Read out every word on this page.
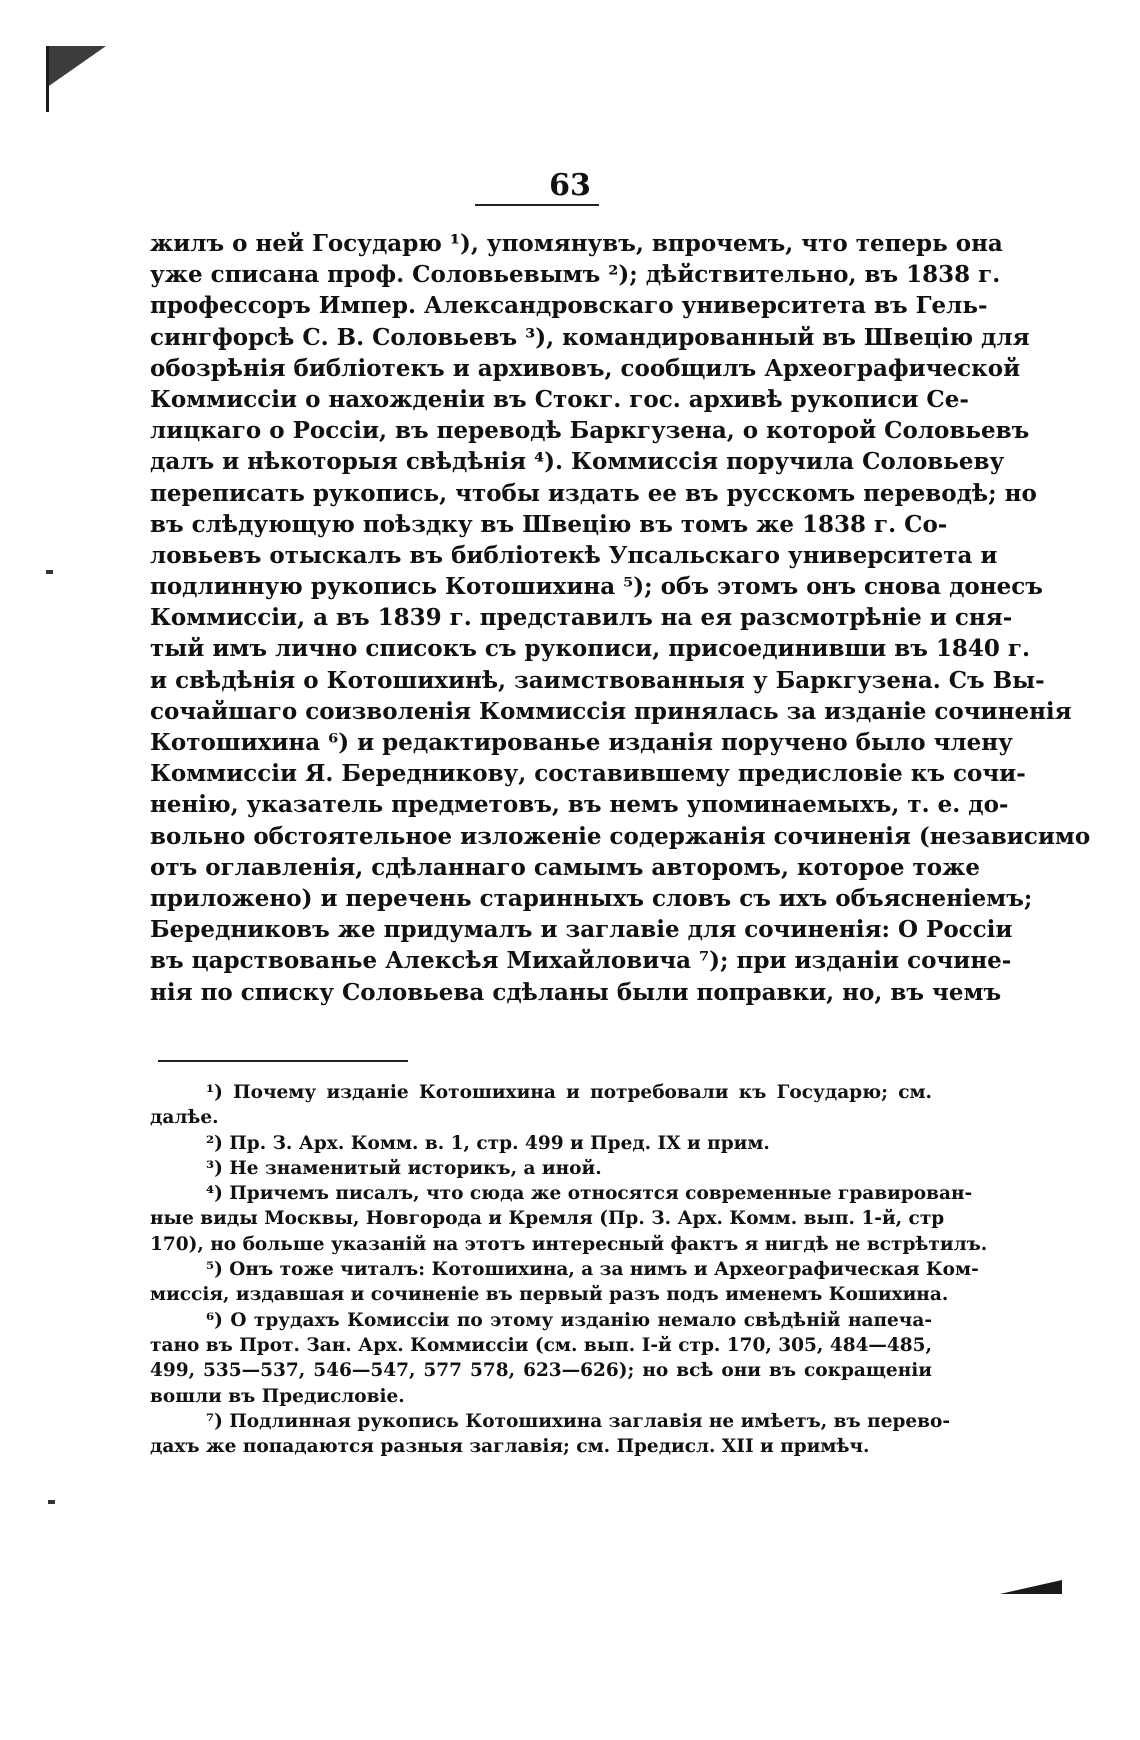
63
жилъ о ней Государю ¹), упомянувъ, впрочемъ, что теперь она
уже списана проф. Соловьевымъ ²); дѣйствительно, въ 1838 г.
профессоръ Импер. Александровскаго университета въ Гель-
сингфорсѣ С. В. Соловьевъ ³), командированный въ Швецію для
обозрѣнія библіотекъ и архивовъ, сообщилъ Археографической
Коммиссіи о нахожденіи въ Стокг. гос. архивѣ рукописи Се-
лицкаго о Россіи, въ переводѣ Баркгузена, о которой Соловьевъ
далъ и нѣкоторыя свѣдѣнія ⁴). Коммиссія поручила Соловьеву
переписать рукопись, чтобы издать ее въ русскомъ переводѣ; но
въ слѣдующую поѣздку въ Швецію въ томъ же 1838 г. Со-
ловьевъ отыскалъ въ библіотекѣ Упсальскаго университета и
подлинную рукопись Котошихина ⁵); объ этомъ онъ снова донесъ
Коммиссіи, а въ 1839 г. представилъ на ея разсмотрѣніе и сня-
тый имъ лично списокъ съ рукописи, присоединивши въ 1840 г.
и свѣдѣнія о Котошихинѣ, заимствованныя у Баркгузена. Съ Вы-
сочайшаго соизволенія Коммиссія принялась за изданіе сочиненія
Котошихина ⁶) и редактированье изданія поручено было члену
Коммиссіи Я. Бередникову, составившему предисловіе къ сочи-
ненію, указатель предметовъ, въ немъ упоминаемыхъ, т. е. до-
вольно обстоятельное изложеніе содержанія сочиненія (независимо
отъ оглавленія, сдѣланнаго самымъ авторомъ, которое тоже
приложено) и перечень старинныхъ словъ съ ихъ объясненіемъ;
Бередниковъ же придумалъ и заглавіе для сочиненія: О Россіи
въ царствованье Алексѣя Михайловича ⁷); при изданіи сочине-
нія по списку Соловьева сдѣланы были поправки, но, въ чемъ
¹) Почему изданіе Котошихина и потребовали къ Государю; см.
далѣе.
²) Пр. З. Арх. Комм. в. 1, стр. 499 и Пред. IX и прим.
³) Не знаменитый историкъ, а иной.
⁴) Причемъ писалъ, что сюда же относятся современные гравирован-
ные виды Москвы, Новгорода и Кремля (Пр. З. Арх. Комм. вып. 1-й, стр
170), но больше указаній на этотъ интересный фактъ я нигдѣ не встрѣтилъ.
⁵) Онъ тоже читалъ: Котошихина, а за нимъ и Археографическая Ком-
миссія, издавшая и сочиненіе въ первый разъ подъ именемъ Кошихина.
⁶) О трудахъ Комиссіи по этому изданію немало свѣдѣній напеча-
тано въ Прот. Зан. Арх. Коммиссіи (см. вып. I-й стр. 170, 305, 484—485,
499, 535—537, 546—547, 577 578, 623—626); но всѣ они въ сокращеніи
вошли въ Предисловіе.
⁷) Подлинная рукопись Котошихина заглавія не имѣетъ, въ перево-
дахъ же попадаются разныя заглавія; см. Предисл. XII и примѣч.
